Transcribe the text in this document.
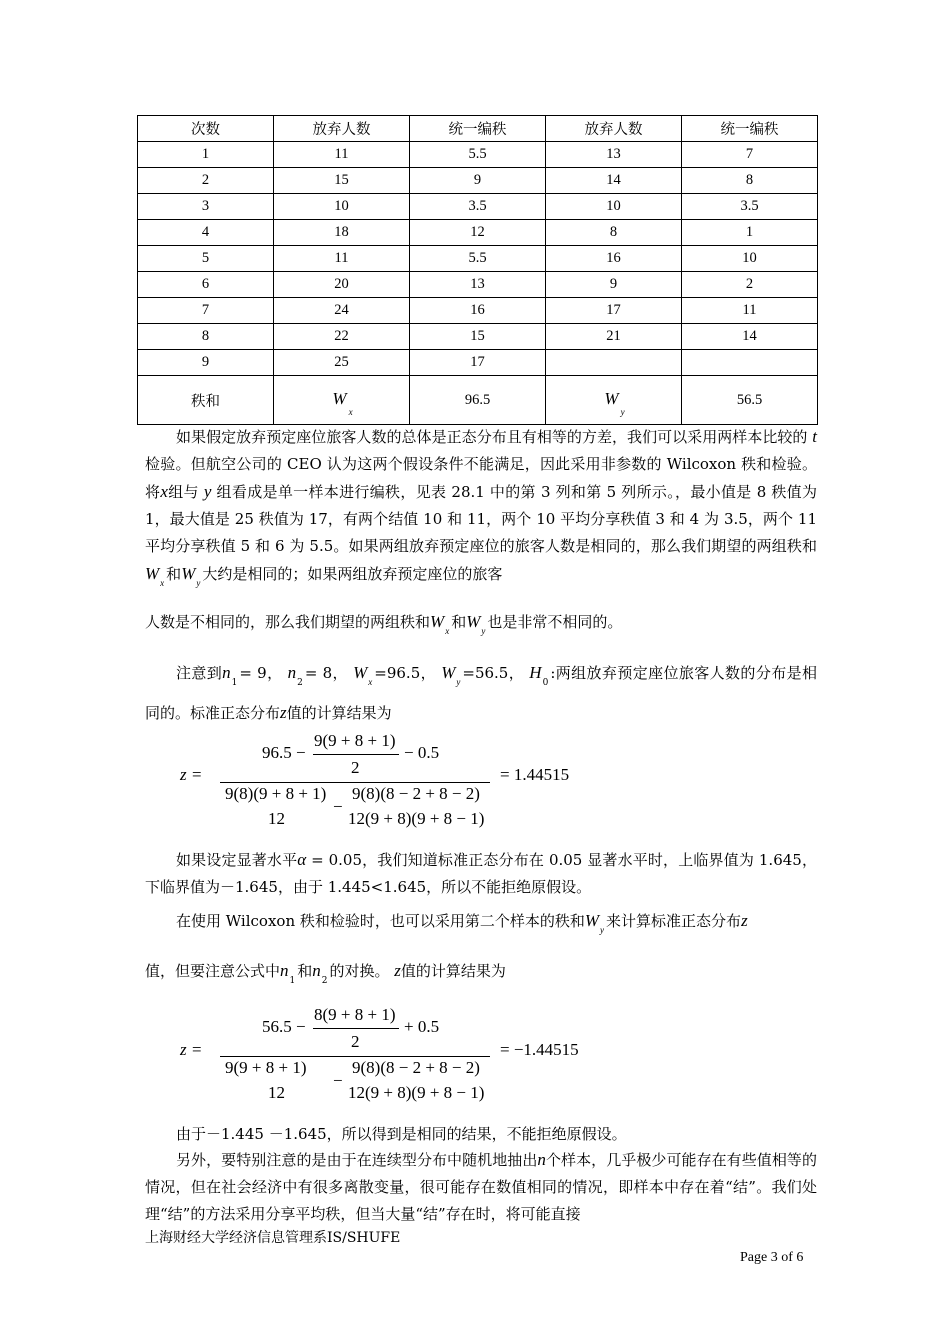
次数	放弃人数	统一编秩	放弃人数	统一编秩
1	11	5.5	13	7
2	15	9	14	8
3	10	3.5	10	3.5
4	18	12	8	1
5	11	5.5	16	10
6	20	13	9	2
7	24	16	17	11
8	22	15	21	14
9	25	17		
秩和	$W_x$	96.5	$W_y$	56.5
如果假定放弃预定座位旅客人数的总体是正态分布且有相等的方差，我们可以采用两样本比较的 t 检验。但航空公司的 CEO 认为这两个假设条件不能满足，因此采用非参数的 Wilcoxon 秩和检验。将x组与 y 组看成是单一样本进行编秩，见表 28.1 中的第 3 列和第 5 列所示。，最小值是 8 秩值为 1，最大值是 25 秩值为 17，有两个结值 10 和 11，两个 10 平均分享秩值 3 和 4 为 3.5，两个 11 平均分享秩值 5 和 6 为 5.5。如果两组放弃预定座位的旅客人数是相同的，那么我们期望的两组秩和$W_x$ 和$W_y$ 大约是相同的；如果两组放弃预定座位的旅客
人数是不相同的，那么我们期望的两组秩和$W_x$ 和$W_y$ 也是非常不相同的。
注意到$n_1= 9$， $n_2= 8$， $W_x =96.5$， $W_y =56.5$， $H_0$:两组放弃预定座位旅客人数的分布是相同的。标准正态分布z值的计算结果为
z =
96.5 −
9(9 + 8 + 1)
2
− 0.5
9(8)(9 + 8 + 1)
12
−
9(8)(8 − 2 + 8 − 2)
12(9 + 8)(9 + 8 − 1)
= 1.44515
如果设定显著水平α = 0.05，我们知道标准正态分布在 0.05 显著水平时，上临界值为 1.645，下临界值为－1.645，由于 1.445<1.645，所以不能拒绝原假设。
在使用 Wilcoxon 秩和检验时，也可以采用第二个样本的秩和$W_y$ 来计算标准正态分布z
值，但要注意公式中$n_1$和$n_2$的对换。 z值的计算结果为
z =
56.5 −
8(9 + 8 + 1)
2
+ 0.5
9(9 + 8 + 1)
12
−
9(8)(8 − 2 + 8 − 2)
12(9 + 8)(9 + 8 − 1)
= −1.44515
由于－1.445 －1.645，所以得到是相同的结果，不能拒绝原假设。
另外，要特别注意的是由于在连续型分布中随机地抽出n个样本，几乎极少可能存在有些值相等的情况，但在社会经济中有很多离散变量，很可能存在数值相同的情况，即样本中存在着“结”。我们处理“结”的方法采用分享平均秩，但当大量“结”存在时，将可能直接
上海财经大学经济信息管理系IS/SHUFE
Page 3 of 6
